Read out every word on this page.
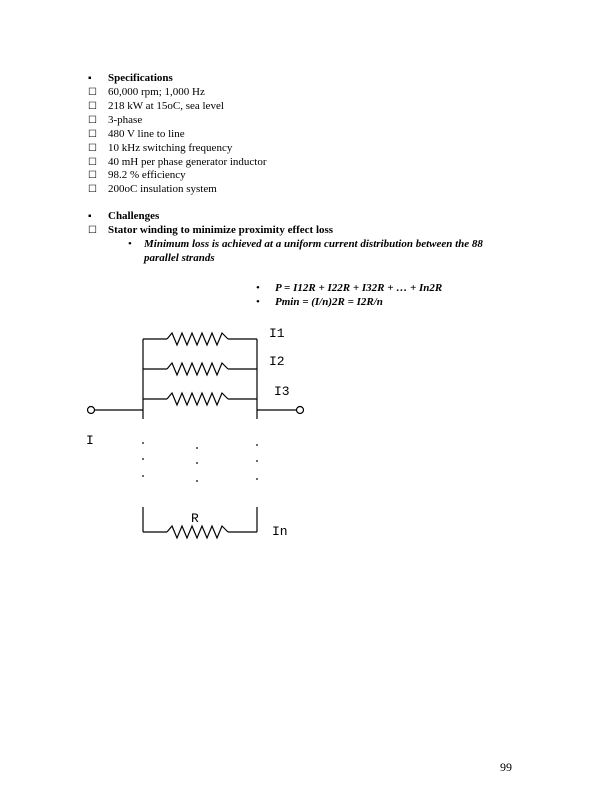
▪ Specifications
☐ 60,000 rpm; 1,000 Hz
☐ 218 kW at 15oC, sea level
☐ 3-phase
☐ 480 V line to line
☐ 10 kHz switching frequency
☐ 40 mH per phase generator inductor
☐ 98.2 % efficiency
☐ 200oC insulation system
▪ Challenges
☐ Stator winding to minimize proximity effect loss
• Minimum loss is achieved at a uniform current distribution between the 88
parallel strands
• P = I12R + I22R + I32R + … + In2R
• Pmin = (I/n)2R = I2R/n
I1
I2
I3
I
R
In
99
